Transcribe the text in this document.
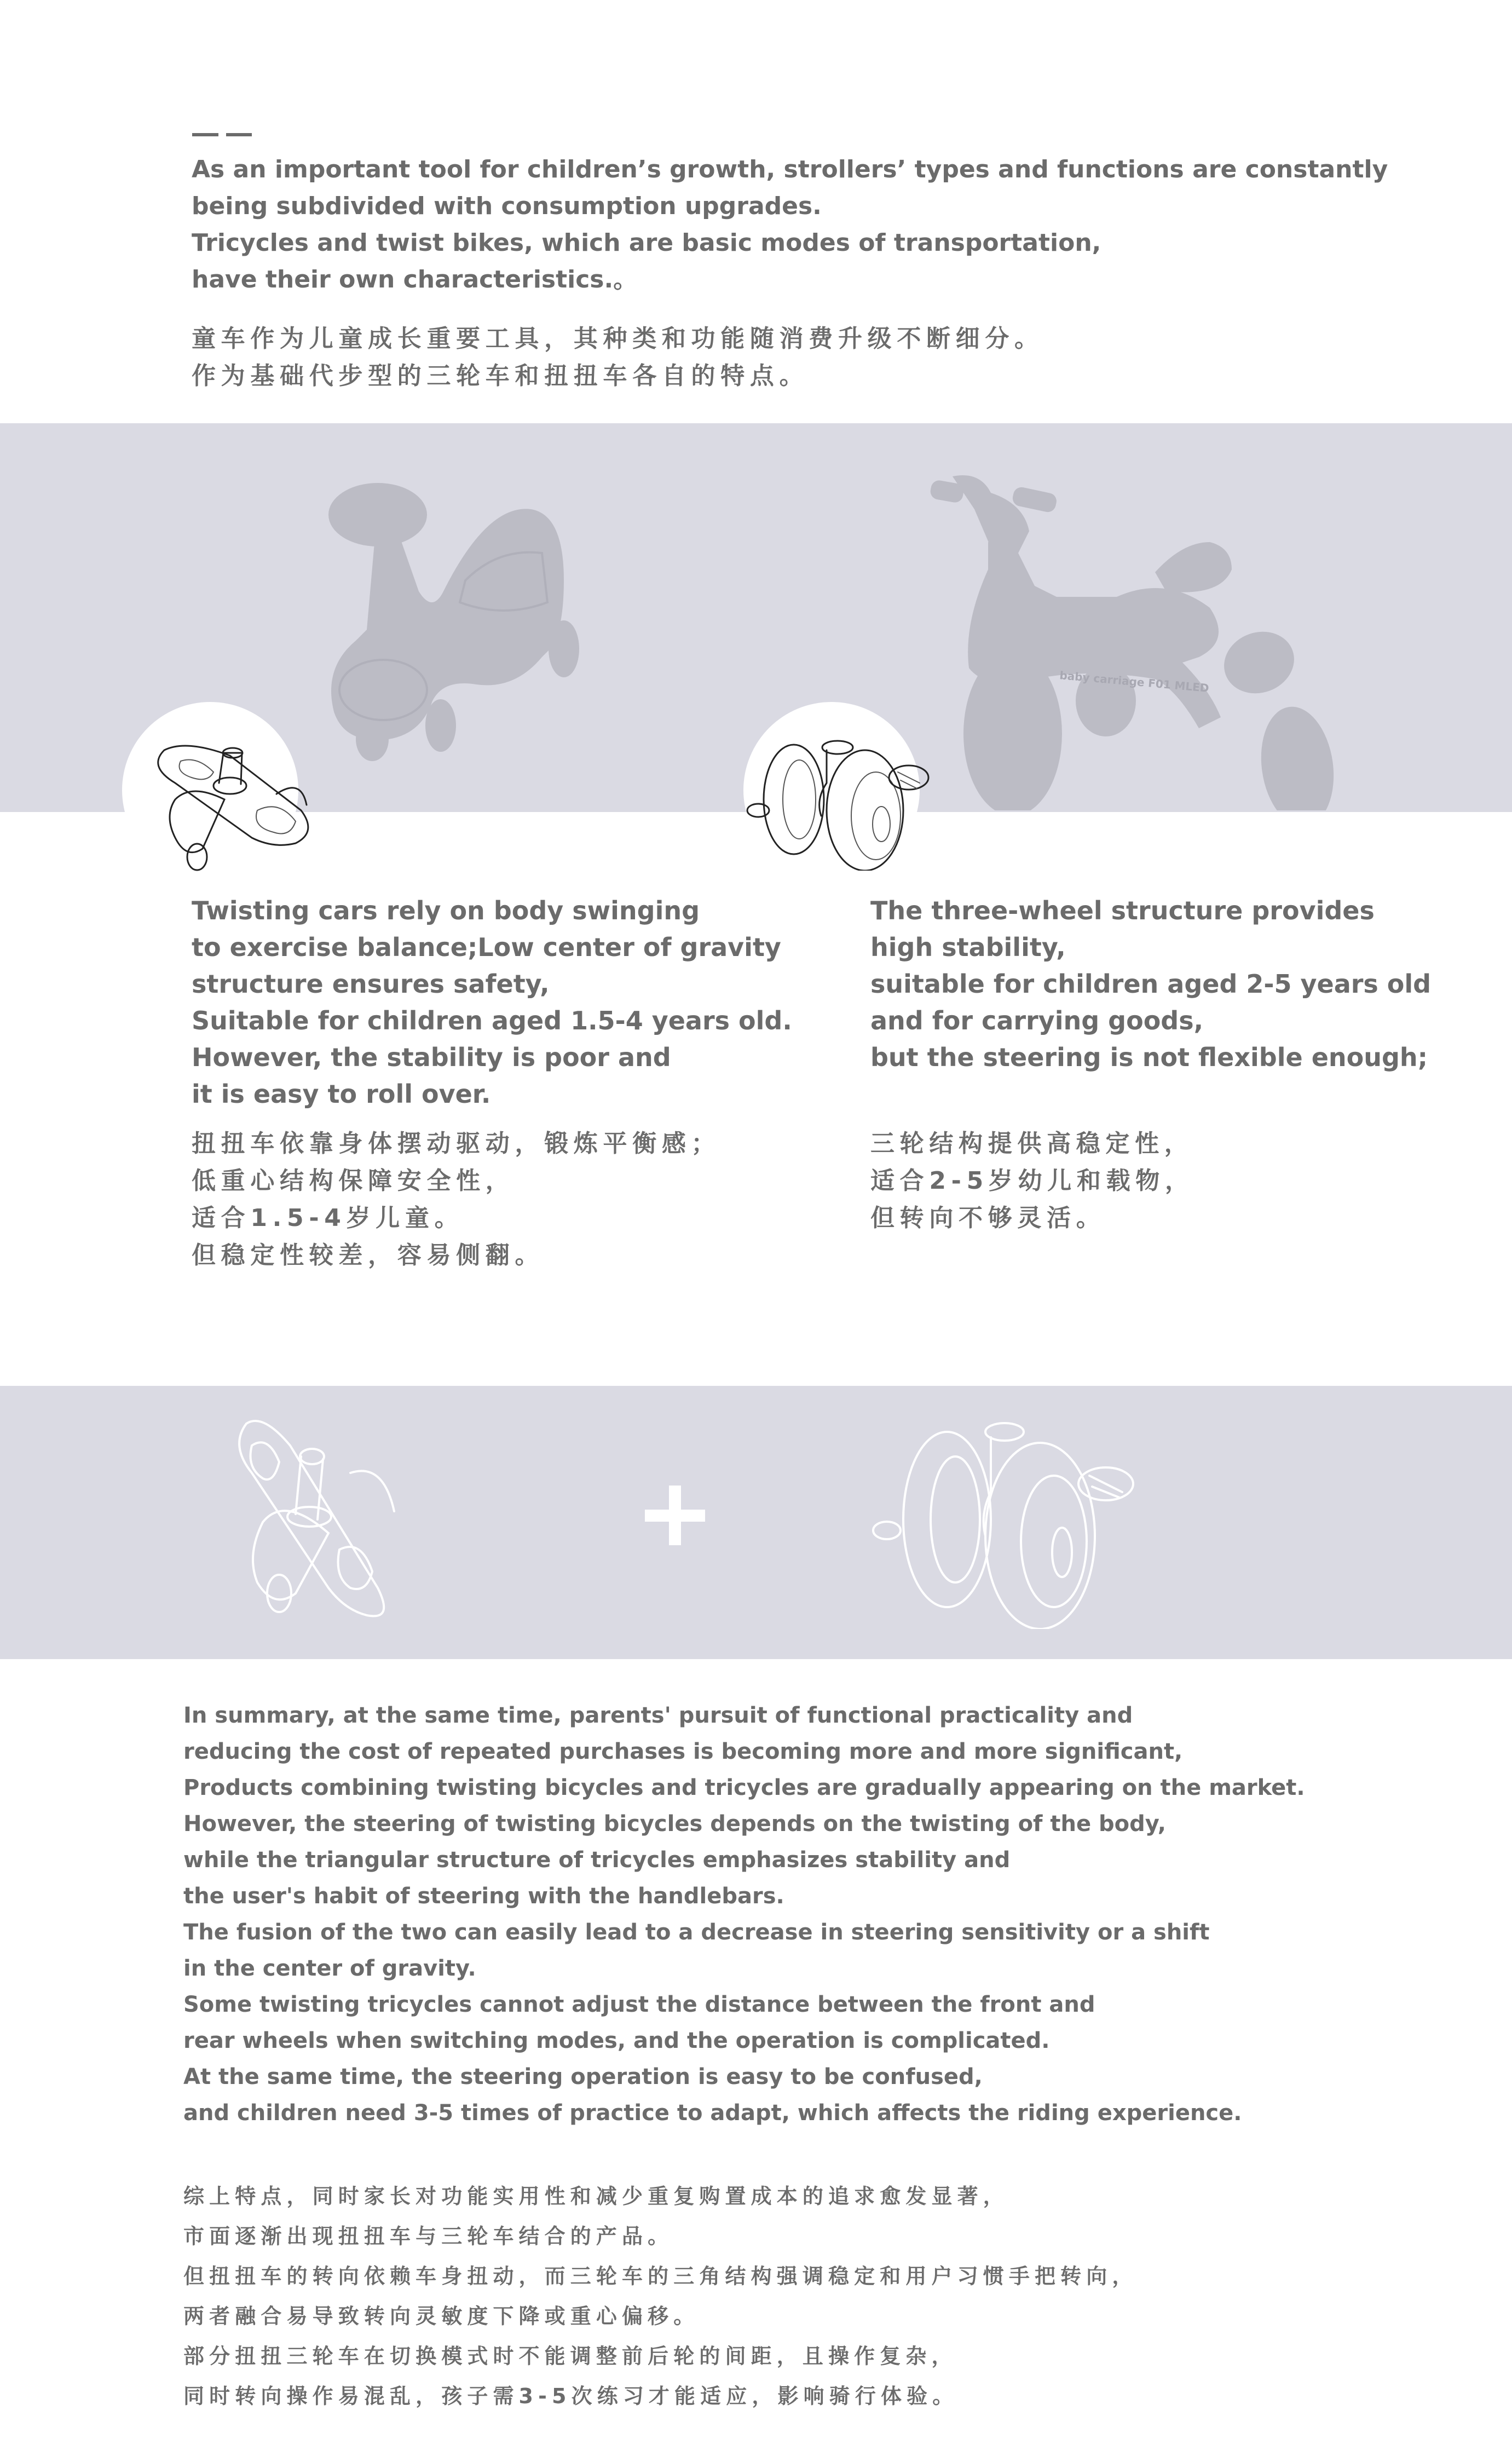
As an important tool for children’s growth, strollers’ types and functions are constantly
being subdivided with consumption upgrades.
Tricycles and twist bikes, which are basic modes of transportation,
have their own characteristics.。
童车作为儿童成长重要工具，其种类和功能随消费升级不断细分。
作为基础代步型的三轮车和扭扭车各自的特点。
baby carriage F01 MLED
Twisting cars rely on body swinging
to exercise balance;Low center of gravity
structure ensures safety,
Suitable for children aged 1.5-4 years old.
However, the stability is poor and
it is easy to roll over.
扭扭车依靠身体摆动驱动，锻炼平衡感；
低重心结构保障安全性，
适合1.5-4岁儿童。
但稳定性较差，容易侧翻。
The three-wheel structure provides
high stability,
suitable for children aged 2-5 years old
and for carrying goods,
but the steering is not flexible enough;
三轮结构提供高稳定性，
适合2-5岁幼儿和载物，
但转向不够灵活。
In summary, at the same time, parents' pursuit of functional practicality and
reducing the cost of repeated purchases is becoming more and more significant,
Products combining twisting bicycles and tricycles are gradually appearing on the market.
However, the steering of twisting bicycles depends on the twisting of the body,
while the triangular structure of tricycles emphasizes stability and
the user's habit of steering with the handlebars.
The fusion of the two can easily lead to a decrease in steering sensitivity or a shift
in the center of gravity.
Some twisting tricycles cannot adjust the distance between the front and
rear wheels when switching modes, and the operation is complicated.
At the same time, the steering operation is easy to be confused,
and children need 3-5 times of practice to adapt, which affects the riding experience.
综上特点，同时家长对功能实用性和减少重复购置成本的追求愈发显著，
市面逐渐出现扭扭车与三轮车结合的产品。
但扭扭车的转向依赖车身扭动，而三轮车的三角结构强调稳定和用户习惯手把转向，
两者融合易导致转向灵敏度下降或重心偏移。
部分扭扭三轮车在切换模式时不能调整前后轮的间距，且操作复杂，
同时转向操作易混乱，孩子需3-5次练习才能适应，影响骑行体验。
